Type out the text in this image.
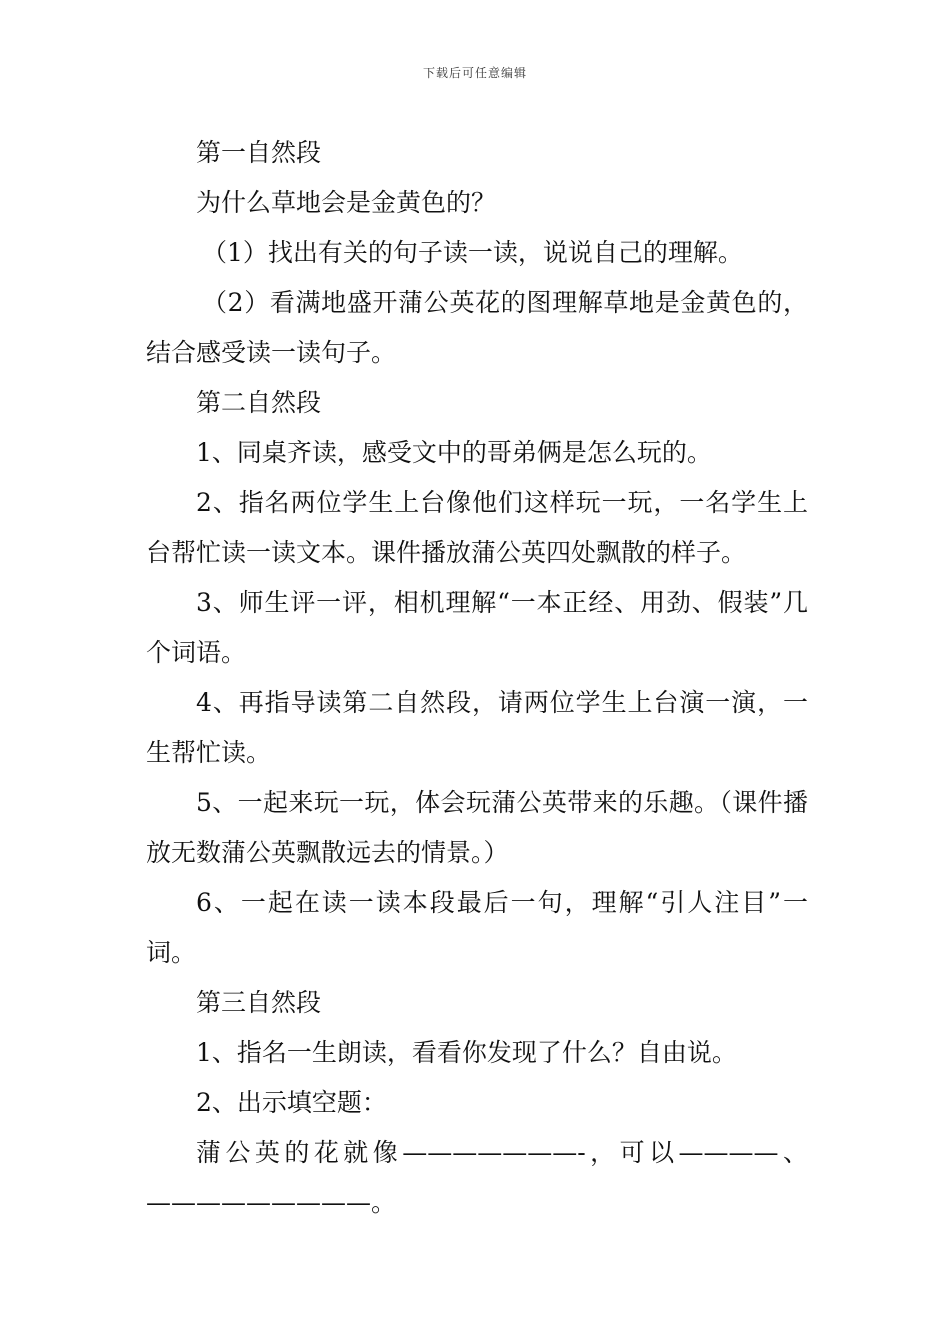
下载后可任意编辑

第一自然段

为什么草地会是金黄色的？

（1）找出有关的句子读一读，说说自己的理解。

（2）看满地盛开蒲公英花的图理解草地是金黄色的，结合感受读一读句子。

第二自然段

1、同桌齐读，感受文中的哥弟俩是怎么玩的。

2、指名两位学生上台像他们这样玩一玩，一名学生上台帮忙读一读文本。课件播放蒲公英四处飘散的样子。

3、师生评一评，相机理解“一本正经、用劲、假装”几个词语。

4、再指导读第二自然段，请两位学生上台演一演，一生帮忙读。

5、一起来玩一玩，体会玩蒲公英带来的乐趣。（课件播放无数蒲公英飘散远去的情景。）

6、一起在读一读本段最后一句，理解“引人注目”一词。

第三自然段

1、指名一生朗读，看看你发现了什么？自由说。

2、出示填空题：

蒲公英的花就像———————-，可以————、—————————。
